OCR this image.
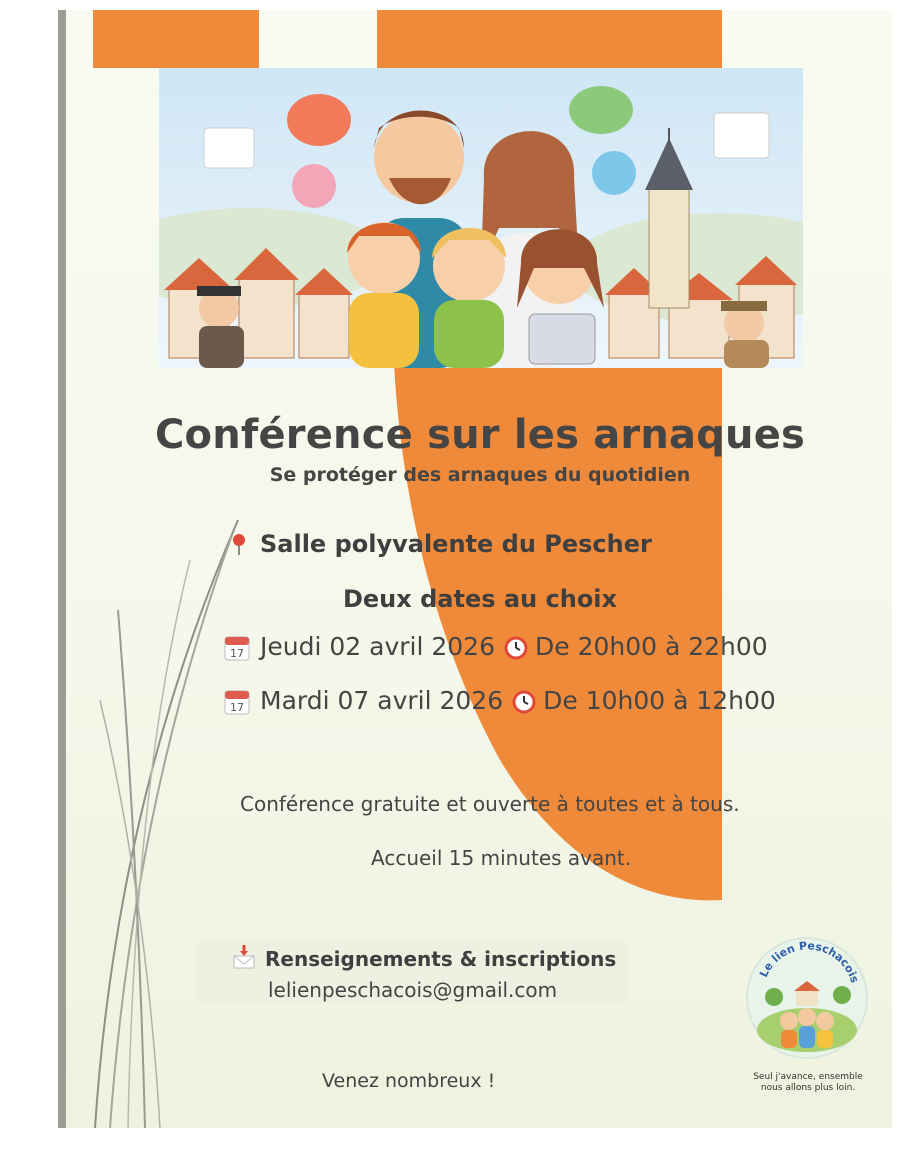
Conférence sur les arnaques
Se protéger des arnaques du quotidien
Salle polyvalente du Pescher
Deux dates au choix
17 Jeudi 02 avril 2026 De 20h00 à 22h00
17 Mardi 07 avril 2026 De 10h00 à 12h00
Conférence gratuite et ouverte à toutes et à tous.
Accueil 15 minutes avant.
Renseignements & inscriptions
lelienpeschacois@gmail.com
Venez nombreux !
Le lien Peschacois
Seul j'avance, ensemble
nous allons plus loin.
